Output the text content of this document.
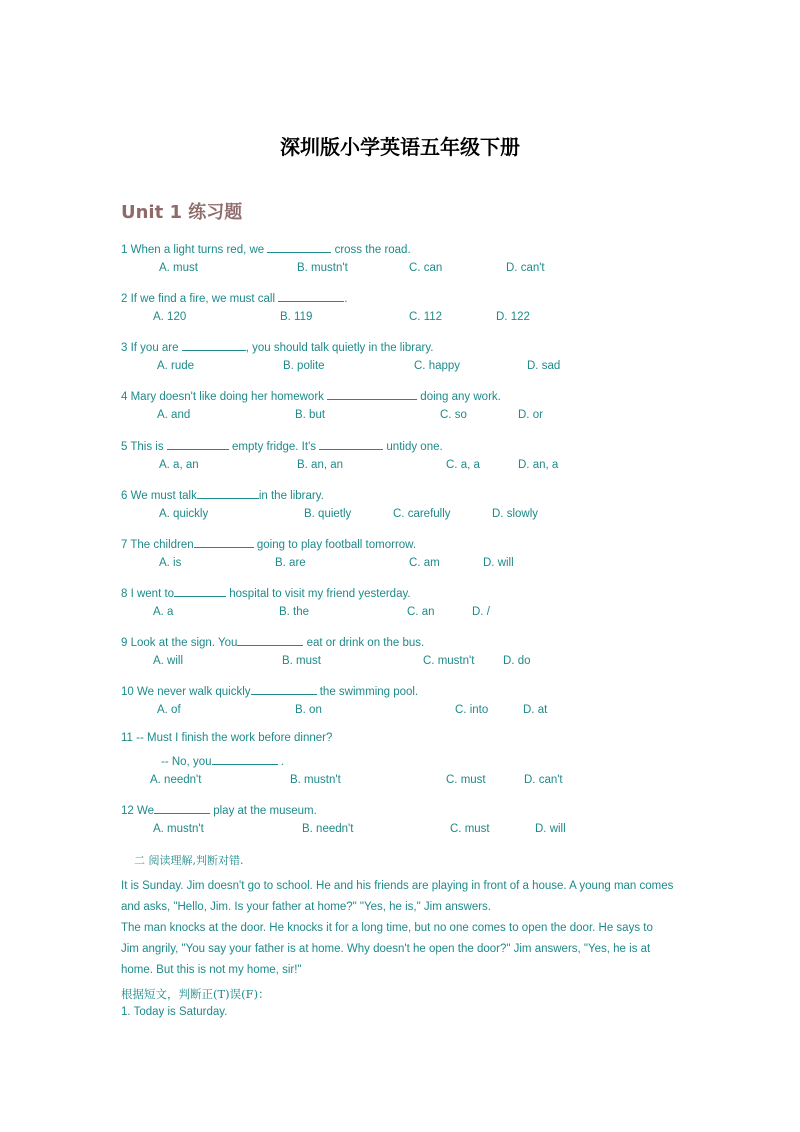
深圳版小学英语五年级下册
Unit 1 练习题
1 When a light turns red, we	cross the road.
A. must	B. mustn't	C. can	D. can't
2 If we find a fire, we must call	.
A. 120	B. 119	C. 112	D. 122
3 If you are	, you should talk quietly in the library.
A. rude	B. polite	C. happy	D. sad
4 Mary doesn't like doing her homework	doing any work.
A. and	B. but	C. so	D. or
5 This is	empty fridge. It's	untidy one.
A. a, an	B. an, an	C. a, a	D. an, a
6 We must talk	in the library.
A. quickly	B. quietly	C. carefully	D. slowly
7 The children	going to play football tomorrow.
A. is	B. are	C. am	D. will
8 I went to	hospital to visit my friend yesterday.
A. a	B. the	C. an	D. /
9 Look at the sign. You	eat or drink on the bus.
A. will	B. must	C. mustn't D. do
10 We never walk quickly	the swimming pool.
A. of	B. on	C. into	D. at
11 -- Must I finish the work before dinner?
-- No, you	.
A. needn't	B. mustn't	C. must	D. can't
12 We	play at the museum.
A. mustn't	B. needn't	C. must	D. will
二 阅读理解,判断对错.
It is Sunday. Jim doesn't go to school. He and his friends are playing in front of a house. A young man comes
and asks, "Hello, Jim. Is your father at home?" "Yes, he is," Jim answers.
The man knocks at the door. He knocks it for a long time, but no one comes to open the door. He says to
Jim angrily, "You say your father is at home. Why doesn't he open the door?" Jim answers, "Yes, he is at
home. But this is not my home, sir!"
根据短文，判断正(T)误(F)：
1. Today is Saturday.
